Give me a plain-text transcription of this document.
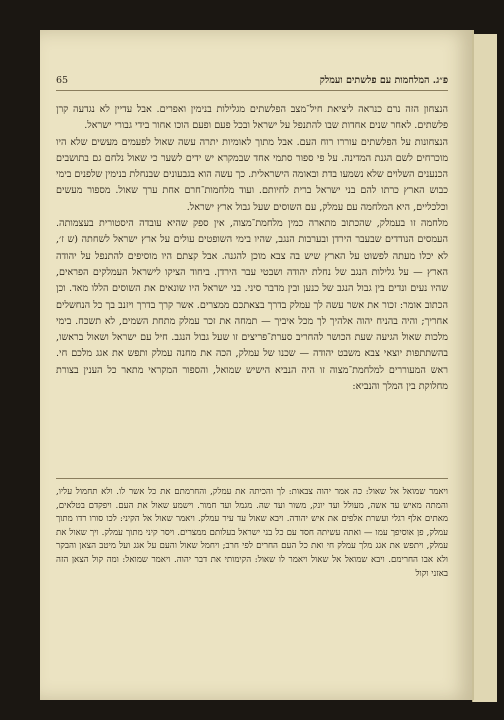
65	פ״ג. המלחמות עם פלשתים ועמלק

הנצחון הזה נרם כנראה ליציאת חיל־מצב הפלשתים מגלילות בנימין ואפרים. אבל עדיין לא נגדעה קרן פלשתים. לאחר שנים אחדות שבו להתנפל על ישראל ובכל פעם ופעם הוכו אחור בידי גבורי ישראל.

הנצחונות על הפלשתים עוררו רוח העם. אבל מתוך לאומיות יתרה עשה שאול לפעמים מעשים שלא היו מוכרחים לשם הגנת המדינה. על פי ספור סתמי אחד שבמקרא יש ידים לשער כי שאול נלחם גם בתושבים הכנענים השלוים שלא נשמעו בדת ובאומה הישראלית. כך עשה הוא בגבעונים שבנחלת בנימין שלפנים בימי כבוש הארץ כרתו להם בני ישראל ברית לחיותם. ועוד מלחמות־חרם אחת ערך שאול. מספור מעשים וכלכליים, היא המלחמה עם עמלק, עם השוסים שעל גבול ארץ ישראל.

מלחמה זו בעמלק, שהכתוב מתארה כמין מלחמת־מצוה, אין ספק שהיא עובדה היסטורית בעצמותה. העמסים הנודדים שבעבר הירדן ובערבות הנגב, שהיו בימי השופטים עולים על ארץ ישראל לשחתה (ש ז׳, לא יכלו מעתה לפשוט על הארץ שיש בה צבא מוכן להגנה. אבל קצתם היו מוסיפים להתנפל על יהודה הארץ — על גלילות הנגב של נחלת יהודה ושבטי עבר הירדן. ביחוד הציקו לישראל העמלקים הפראים, שהיו נעים ונדים בין גבול הנגב של כנען ובין מדבר סיני. בני ישראל היו שונאים את השוסים הללו מאד. וכן הכתוב אומר: זכור את אשר עשה לך עמלק בדרך בצאתכם ממצרים. אשר קרך בדרך ויזנב בך כל הנחשלים אחריך; והיה בהניח יהוה אלהיך לך מכל איביך — תמחה את זכר עמלק מתחת השמים, לא תשכח. בימי מלכות שאול הגיעה שעת הכושר להחריב סערת־פריצים זו שעל גבול הנגב. חיל עם ישראל ושאול בראשו, בהשתתפות יוצאי צבא משבט יהודה — שכנו של עמלק, הכה את מחנה עמלק ותפש את אגג מלכם חי. ראש המעוררים למלחמת־מצוה זו היה הנביא הישיש שמואל, והספור המקראי מתאר כל הענין בצורת מחלוקת בין המלך והנביא:

ויאמר שמואל אל שאול: כה אמר יהוה צבאות: לך והכיתה את עמלק, והחרמתם את כל אשר לו. ולא תחמול עליו, והמתה מאיש עד אשה, מעולל ועד יונק, משור ועד שה. מגמל ועד חמור. וישמע שאול את העם. ויפקדם בטלאים, מאתים אלף רגלי ועשרת אלפים את איש יהודה. ויבא שאול עד עיר עמלק. ויאמר שאול אל הקיני: לכו סורו רדו מתוך עמלק, פן אוסיפך עמו — ואתה עשיתה חסד עם כל בני ישראל בעלותם ממצרים. ויסר קיני מתוך עמלק. ויך שאול את עמלק, ויתפש את אגג מלך עמלק חי ואת כל העם החרים לפי חרב; ויחמל שאול והעם על אגג ועל מיטב הצאן והבקר ולא אבו החרימם. ויבא שמואל אל שאול ויאמר לו שאול: הקימותי את דבר יהוה. ויאמר שמואל: ומה קול הצאן הזה באזני וקול
